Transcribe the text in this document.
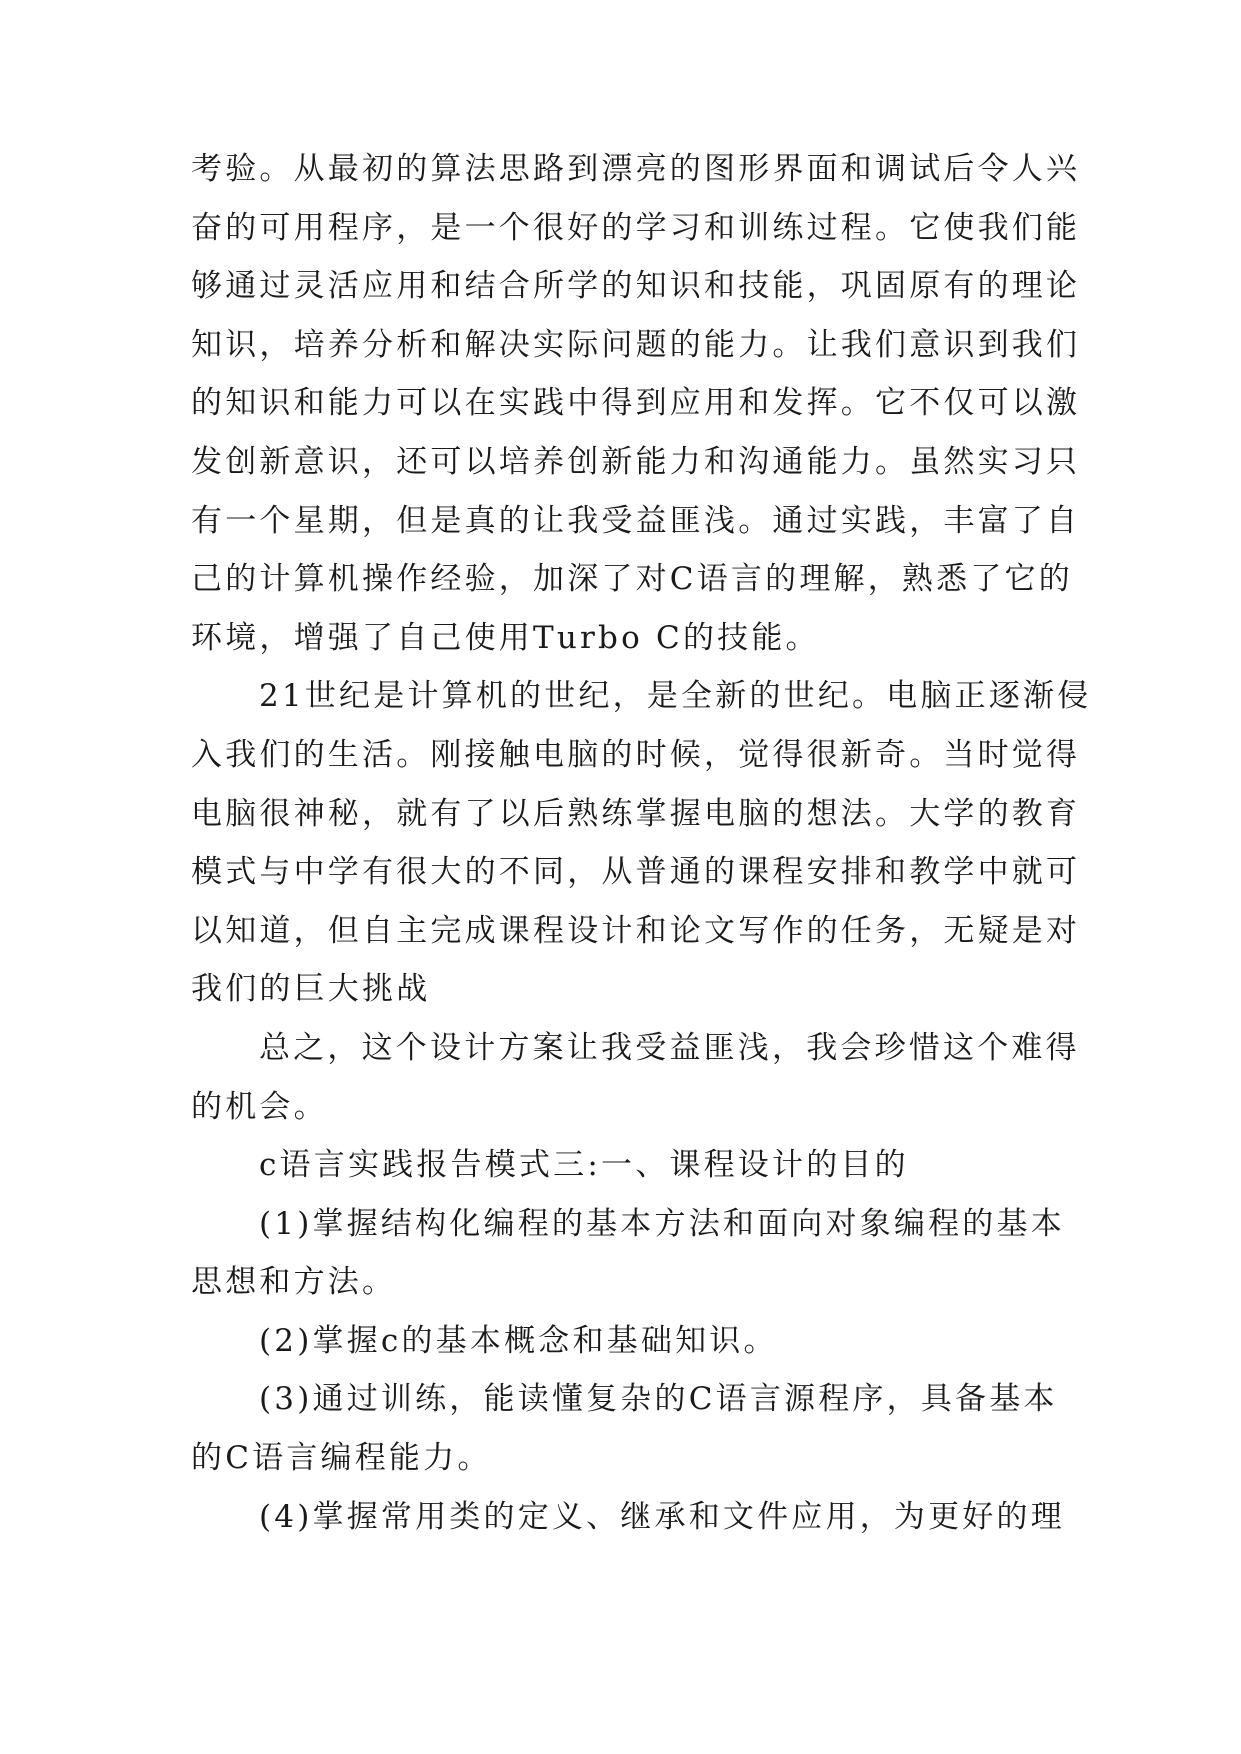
考验。从最初的算法思路到漂亮的图形界面和调试后令人兴
奋的可用程序，是一个很好的学习和训练过程。它使我们能
够通过灵活应用和结合所学的知识和技能，巩固原有的理论
知识，培养分析和解决实际问题的能力。让我们意识到我们
的知识和能力可以在实践中得到应用和发挥。它不仅可以激
发创新意识，还可以培养创新能力和沟通能力。虽然实习只
有一个星期，但是真的让我受益匪浅。通过实践，丰富了自
己的计算机操作经验，加深了对C语言的理解，熟悉了它的
环境，增强了自己使用Turbo C的技能。

21世纪是计算机的世纪，是全新的世纪。电脑正逐渐侵
入我们的生活。刚接触电脑的时候，觉得很新奇。当时觉得
电脑很神秘，就有了以后熟练掌握电脑的想法。大学的教育
模式与中学有很大的不同，从普通的课程安排和教学中就可
以知道，但自主完成课程设计和论文写作的任务，无疑是对
我们的巨大挑战

总之，这个设计方案让我受益匪浅，我会珍惜这个难得
的机会。

c语言实践报告模式三:一、课程设计的目的

(1)掌握结构化编程的基本方法和面向对象编程的基本
思想和方法。

(2)掌握c的基本概念和基础知识。

(3)通过训练，能读懂复杂的C语言源程序，具备基本
的C语言编程能力。

(4)掌握常用类的定义、继承和文件应用，为更好的理
